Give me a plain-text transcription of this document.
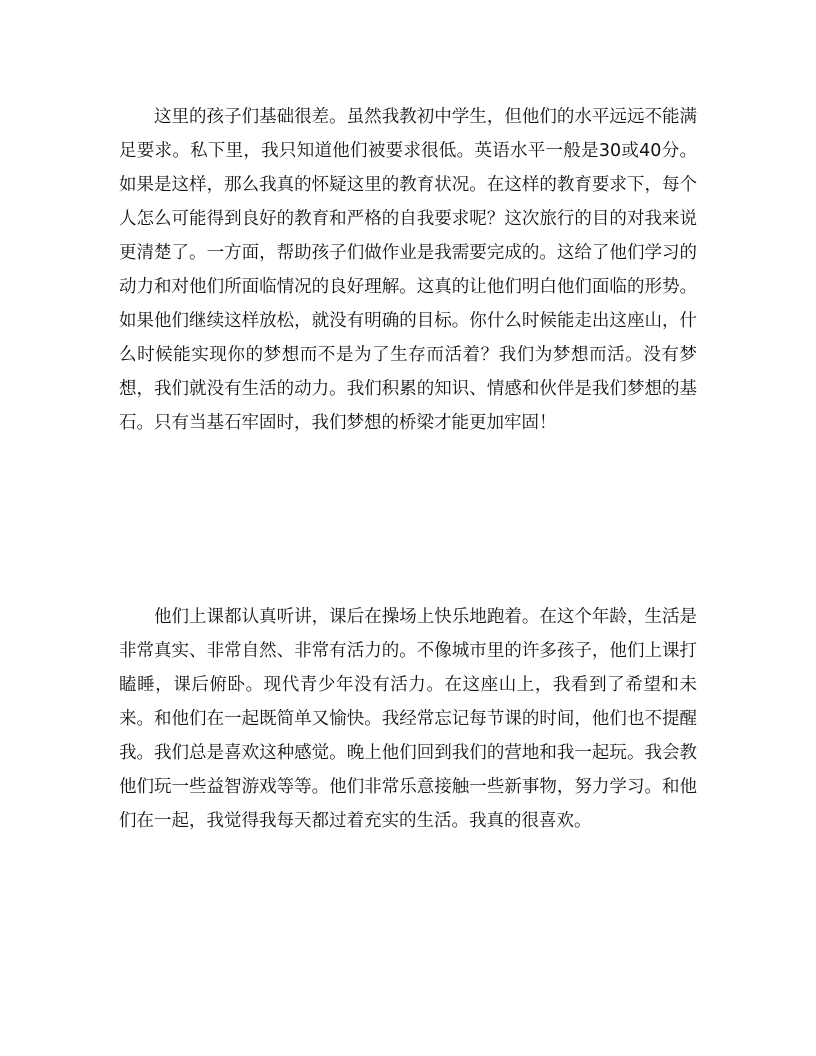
这里的孩子们基础很差。虽然我教初中学生，但他们的水平远远不能满足要求。私下里，我只知道他们被要求很低。英语水平一般是30或40分。如果是这样，那么我真的怀疑这里的教育状况。在这样的教育要求下，每个人怎么可能得到良好的教育和严格的自我要求呢？这次旅行的目的对我来说更清楚了。一方面，帮助孩子们做作业是我需要完成的。这给了他们学习的动力和对他们所面临情况的良好理解。这真的让他们明白他们面临的形势。如果他们继续这样放松，就没有明确的目标。你什么时候能走出这座山，什么时候能实现你的梦想而不是为了生存而活着？我们为梦想而活。没有梦想，我们就没有生活的动力。我们积累的知识、情感和伙伴是我们梦想的基石。只有当基石牢固时，我们梦想的桥梁才能更加牢固！

他们上课都认真听讲，课后在操场上快乐地跑着。在这个年龄，生活是非常真实、非常自然、非常有活力的。不像城市里的许多孩子，他们上课打瞌睡，课后俯卧。现代青少年没有活力。在这座山上，我看到了希望和未来。和他们在一起既简单又愉快。我经常忘记每节课的时间，他们也不提醒我。我们总是喜欢这种感觉。晚上他们回到我们的营地和我一起玩。我会教他们玩一些益智游戏等等。他们非常乐意接触一些新事物，努力学习。和他们在一起，我觉得我每天都过着充实的生活。我真的很喜欢。
